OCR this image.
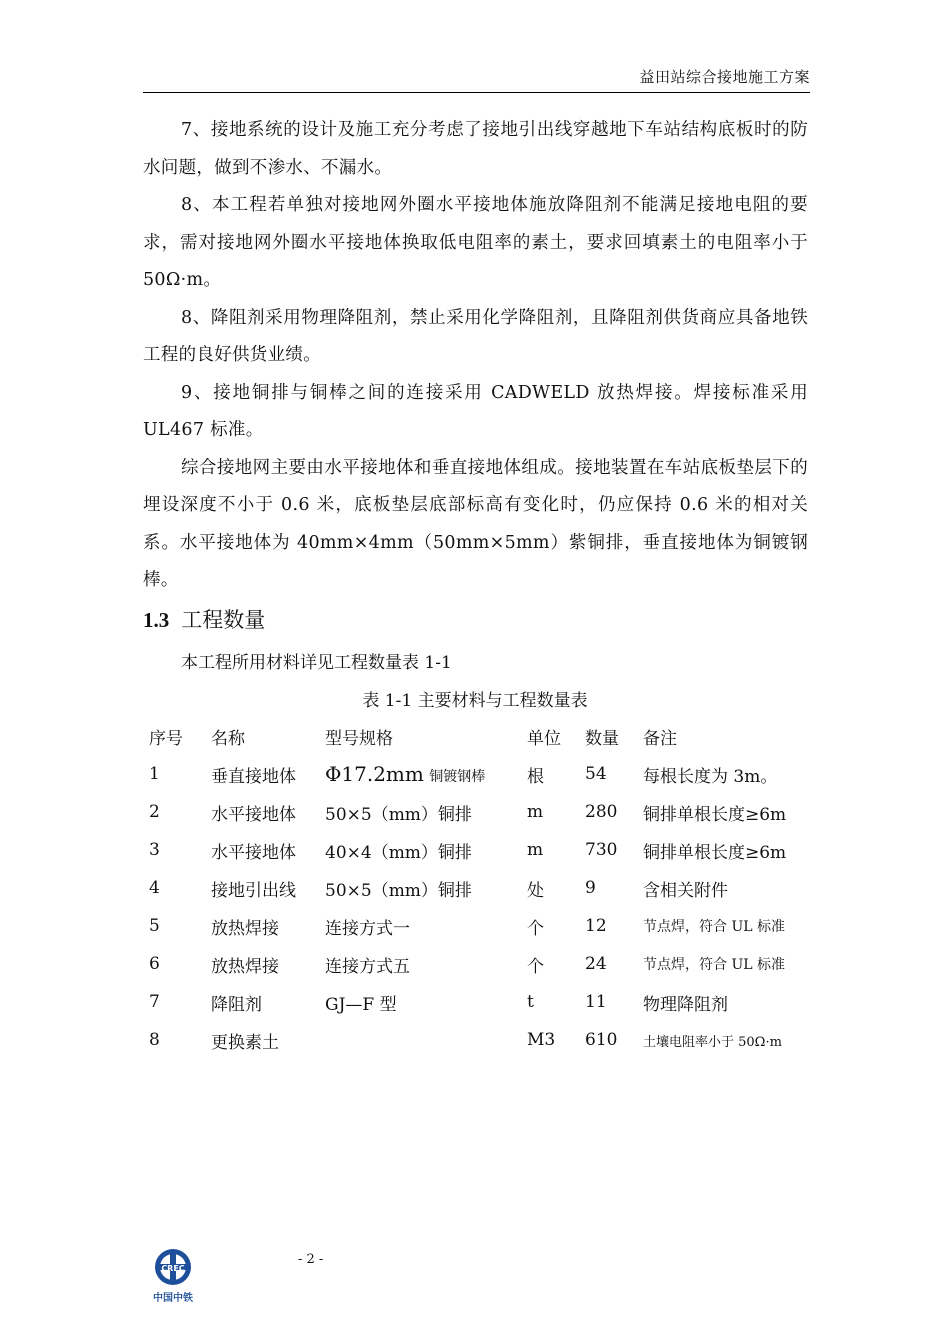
益田站综合接地施工方案

7、接地系统的设计及施工充分考虑了接地引出线穿越地下车站结构底板时的防水问题，做到不渗水、不漏水。

8、本工程若单独对接地网外圈水平接地体施放降阻剂不能满足接地电阻的要求，需对接地网外圈水平接地体换取低电阻率的素土，要求回填素土的电阻率小于 50Ω·m。

8、降阻剂采用物理降阻剂，禁止采用化学降阻剂，且降阻剂供货商应具备地铁工程的良好供货业绩。

9、接地铜排与铜棒之间的连接采用 CADWELD 放热焊接。焊接标准采用UL467 标准。

综合接地网主要由水平接地体和垂直接地体组成。接地装置在车站底板垫层下的埋设深度不小于 0.6 米，底板垫层底部标高有变化时，仍应保持 0.6 米的相对关系。水平接地体为 40mm×4mm（50mm×5mm）紫铜排，垂直接地体为铜镀钢棒。

1.3 工程数量
本工程所用材料详见工程数量表 1-1
表 1-1 主要材料与工程数量表
序号	名称	型号规格	单位	数量	备注
1	垂直接地体	Φ17.2mm 铜镀钢棒	根	54	每根长度为 3m。
2	水平接地体	50×5（mm）铜排	m	280	铜排单根长度≥6m
3	水平接地体	40×4（mm）铜排	m	730	铜排单根长度≥6m
4	接地引出线	50×5（mm）铜排	处	9	含相关附件
5	放热焊接	连接方式一	个	12	节点焊，符合 UL 标准
6	放热焊接	连接方式五	个	24	节点焊，符合 UL 标准
7	降阻剂	GJ—F 型	t	11	物理降阻剂
8	更换素土		M3	610	土壤电阻率小于 50Ω·m
CREC
中国中铁
- 2 -
